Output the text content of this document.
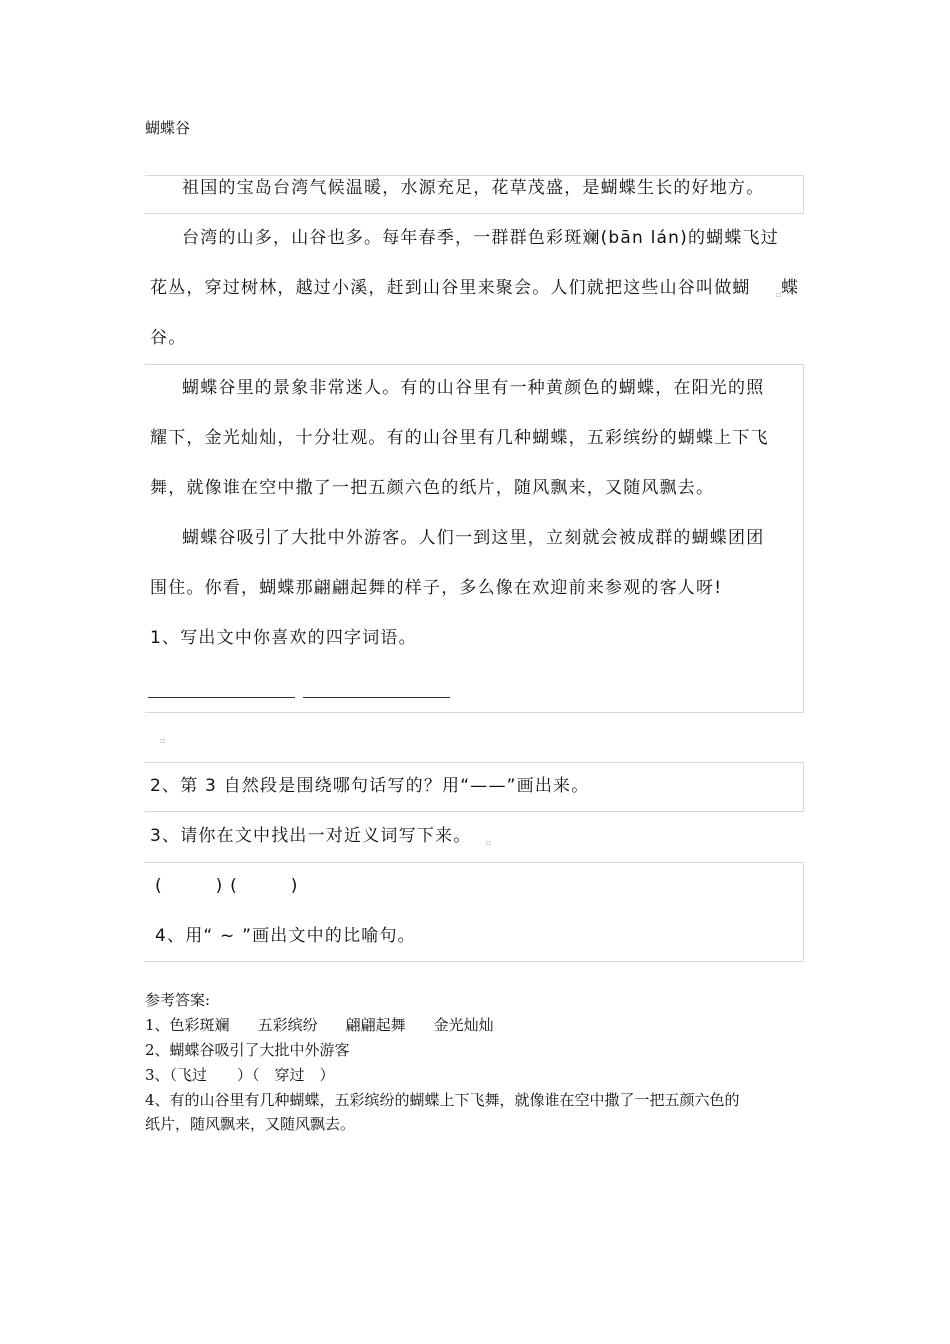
蝴蝶谷
祖国的宝岛台湾气候温暖，水源充足，花草茂盛，是蝴蝶生长的好地方。
台湾的山多，山谷也多。每年春季，一群群色彩斑斓(bān lán)的蝴蝶飞过
花丛，穿过树林，越过小溪，赶到山谷里来聚会。人们就把这些山谷叫做蝴	▫ 蝶
谷。
蝴蝶谷里的景象非常迷人。有的山谷里有一种黄颜色的蝴蝶，在阳光的照
耀下，金光灿灿，十分壮观。有的山谷里有几种蝴蝶，五彩缤纷的蝴蝶上下飞
舞，就像谁在空中撒了一把五颜六色的纸片，随风飘来，又随风飘去。
蝴蝶谷吸引了大批中外游客。人们一到这里，立刻就会被成群的蝴蝶团团
围住。你看，蝴蝶那翩翩起舞的样子，多么像在欢迎前来参观的客人呀!
1、写出文中你喜欢的四字词语。
▫
2、第 3 自然段是围绕哪句话写的？用“——”画出来。
3、请你在文中找出一对近义词写下来。 ▫
(        ) (        )
4、用“ ~ ”画出文中的比喻句。
参考答案:
1、色彩斑斓 五彩缤纷 翩翩起舞 金光灿灿
2、蝴蝶谷吸引了大批中外游客
3、（飞过　　）（　穿过　）
4、有的山谷里有几种蝴蝶，五彩缤纷的蝴蝶上下飞舞，就像谁在空中撒了一把五颜六色的
纸片，随风飘来，又随风飘去。
